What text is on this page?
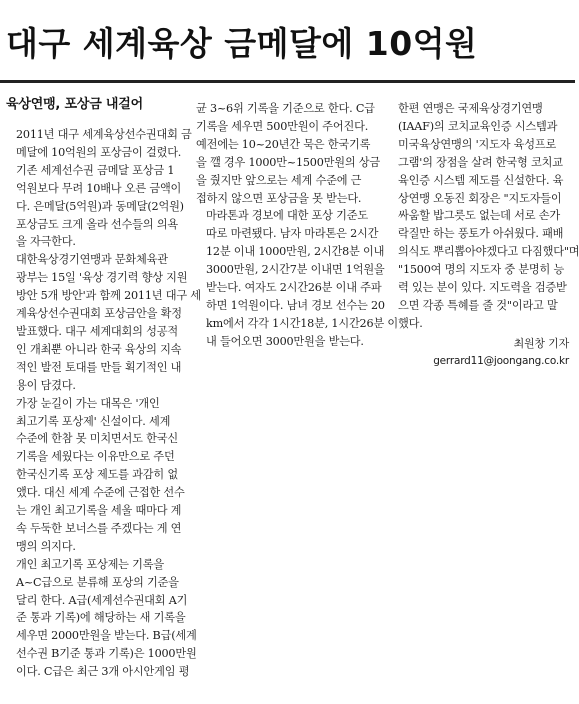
대구 세계육상 금메달에 10억원
육상연맹, 포상금 내걸어

2011년 대구 세계육상선수권대회 금
메달에 10억원의 포상금이 걸렸다.

기존 세계선수권 금메달 포상금 1
억원보다 무려 10배나 오른 금액이
다. 은메달(5억원)과 동메달(2억원)
포상금도 크게 올라 선수들의 의욕
을 자극한다.

대한육상경기연맹과 문화체육관
광부는 15일 '육상 경기력 향상 지원
방안 5개 방안'과 함께 2011년 대구 세
계육상선수권대회 포상금안을 확정
발표했다. 대구 세계대회의 성공적
인 개최뿐 아니라 한국 육상의 지속
적인 발전 토대를 만들 획기적인 내
용이 담겼다.

가장 눈길이 가는 대목은 '개인
최고기록 포상제' 신설이다. 세계
수준에 한참 못 미치면서도 한국신
기록을 세웠다는 이유만으로 주던
한국신기록 포상 제도를 과감히 없
앴다. 대신 세계 수준에 근접한 선수
는 개인 최고기록을 세울 때마다 계
속 두둑한 보너스를 주겠다는 게 연
맹의 의지다.

개인 최고기록 포상제는 기록을
A~C급으로 분류해 포상의 기준을
달리 한다. A급(세계선수권대회 A기
준 통과 기록)에 해당하는 새 기록을
세우면 2000만원을 받는다. B급(세계
선수권 B기준 통과 기록)은 1000만원
이다. C급은 최근 3개 아시안게임 평

균 3~6위 기록을 기준으로 한다. C급
기록을 세우면 500만원이 주어진다.
예전에는 10~20년간 묵은 한국기록
을 깰 경우 1000만~1500만원의 상금
을 줬지만 앞으로는 세계 수준에 근
접하지 않으면 포상금을 못 받는다.

마라톤과 경보에 대한 포상 기준도
따로 마련됐다. 남자 마라톤은 2시간
12분 이내 1000만원, 2시간8분 이내
3000만원, 2시간7분 이내면 1억원을
받는다. 여자도 2시간26분 이내 주파
하면 1억원이다. 남녀 경보 선수는 20
km에서 각각 1시간18분, 1시간26분 이
내 들어오면 3000만원을 받는다.

한편 연맹은 국제육상경기연맹
(IAAF)의 코치교육인증 시스템과
미국육상연맹의 '지도자 육성프로
그램'의 장점을 살려 한국형 코치교
육인증 시스템 제도를 신설한다. 육
상연맹 오동진 회장은 "지도자들이
싸움할 밥그릇도 없는데 서로 손가
락질만 하는 풍토가 아쉬웠다. 패배
의식도 뿌리뽑아야겠다고 다짐했다"며
"1500여 명의 지도자 중 분명히 능
력 있는 분이 있다. 지도력을 검증받
으면 각종 특혜를 줄 것"이라고 말
했다.

최원창 기자
gerrard11@joongang.co.kr
